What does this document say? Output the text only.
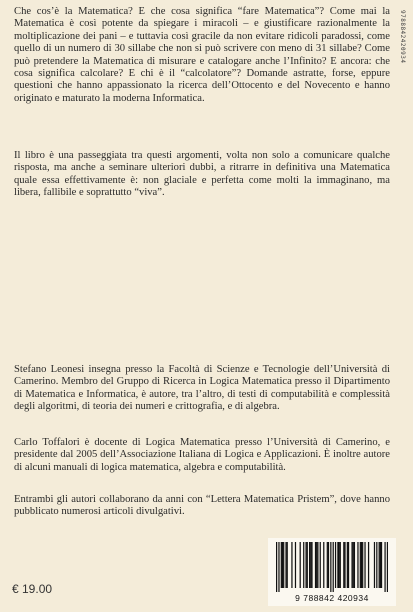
Che cos’è la Matematica? E che cosa significa “fare Matematica”? Come mai la Matematica è così potente da spiegare i miracoli – e giustificare razionalmente la moltiplicazione dei pani – e tuttavia così gracile da non evitare ridicoli paradossi, come quello di un numero di 30 sillabe che non si può scrivere con meno di 31 sillabe? Come può pretendere la Matematica di misurare e catalogare anche l’Infinito? E ancora: che cosa significa calcolare? E chi è il “calcolatore”? Domande astratte, forse, eppure questioni che hanno appassionato la ricerca dell’Ottocento e del Novecento e hanno originato e maturato la moderna Informatica.

Il libro è una passeggiata tra questi argomenti, volta non solo a comunicare qualche risposta, ma anche a seminare ulteriori dubbi, a ritrarre in definitiva una Matematica quale essa effettivamente è: non glaciale e perfetta come molti la immaginano, ma libera, fallibile e soprattutto “viva”.

Stefano Leonesi insegna presso la Facoltà di Scienze e Tecnologie dell’Università di Camerino. Membro del Gruppo di Ricerca in Logica Matematica presso il Dipartimento di Matematica e Informatica, è autore, tra l’altro, di testi di computabilità e complessità degli algoritmi, di teoria dei numeri e crittografia, e di algebra.

Carlo Toffalori è docente di Logica Matematica presso l’Università di Camerino, e presidente dal 2005 dell’Associazione Italiana di Logica e Applicazioni. È inoltre autore di alcuni manuali di logica matematica, algebra e computabilità.

Entrambi gli autori collaborano da anni con “Lettera Matematica Pristem”, dove hanno pubblicato numerosi articoli divulgativi.

9788842420934
€ 19.00
9 788842 420934
